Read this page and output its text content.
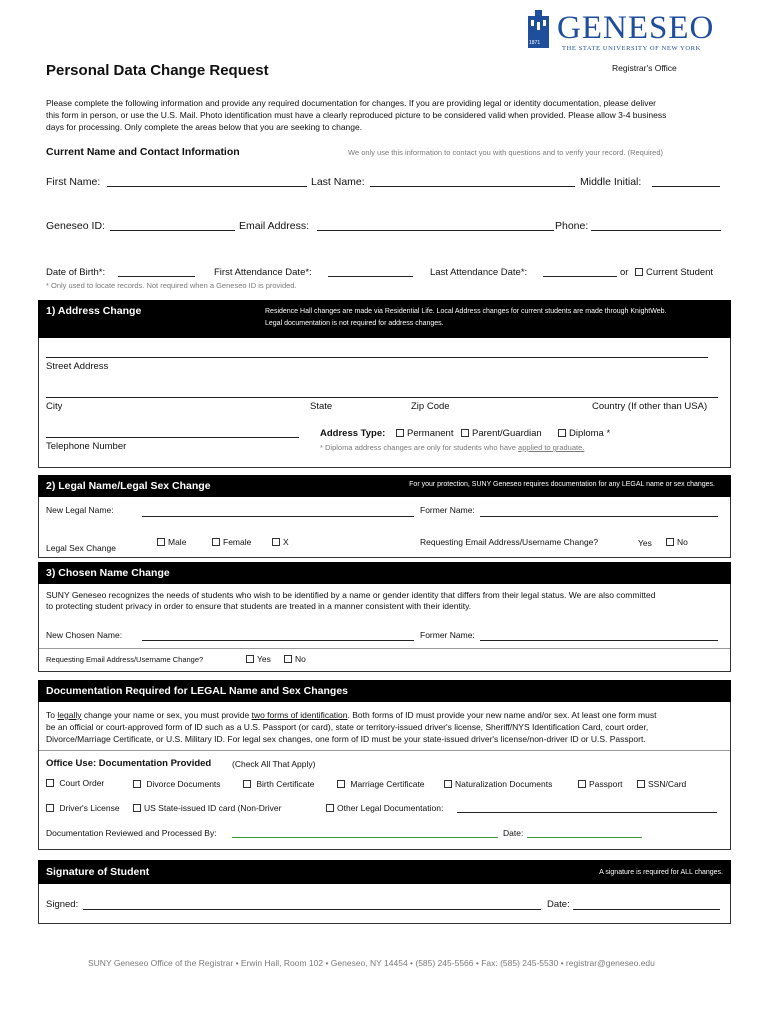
1871 GENESEO
THE STATE UNIVERSITY OF NEW YORK
Registrar's Office
Personal Data Change Request
Please complete the following information and provide any required documentation for changes. If you are providing legal or identity documentation, please deliver
this form in person, or use the U.S. Mail. Photo identification must have a clearly reproduced picture to be considered valid when provided. Please allow 3-4 business
days for processing. Only complete the areas below that you are seeking to change.
Current Name and Contact Information	We only use this information to contact you with questions and to verify your record. (Required)
First Name:	Last Name:	Middle Initial:
Geneseo ID:	Email Address:	Phone:
Date of Birth*:	First Attendance Date*:	Last Attendance Date*:	or	Current Student
* Only used to locate records. Not required when a Geneseo ID is provided.
1) Address Change	Residence Hall changes are made via Residential Life. Local Address changes for current students are made through KnightWeb.
Legal documentation is not required for address changes.
Street Address
City	State	Zip Code	Country (If other than USA)
Telephone Number
Address Type:	Permanent	Parent/Guardian	Diploma *
* Diploma address changes are only for students who have applied to graduate.
2) Legal Name/Legal Sex Change	For your protection, SUNY Geneseo requires documentation for any LEGAL name or sex changes.
New Legal Name:	Former Name:
Legal Sex Change
Male	Female	X	Requesting Email Address/Username Change?	Yes	No
3) Chosen Name Change
SUNY Geneseo recognizes the needs of students who wish to be identified by a name or gender identity that differs from their legal status. We are also committed
to protecting student privacy in order to ensure that students are treated in a manner consistent with their identity.
New Chosen Name:	Former Name:
Requesting Email Address/Username Change?	Yes	No
Documentation Required for LEGAL Name and Sex Changes
To legally change your name or sex, you must provide two forms of identification. Both forms of ID must provide your new name and/or sex. At least one form must
be an official or court-approved form of ID such as a U.S. Passport (or card), state or territory-issued driver's license, Sheriff/NYS Identification Card, court order,
Divorce/Marriage Certificate, or U.S. Military ID. For legal sex changes, one form of ID must be your state-issued driver's license/non-driver ID or U.S. Passport.
Office Use: Documentation Provided (Check All That Apply)
Court Order	Divorce Documents	Birth Certificate	Marriage Certificate	Naturalization Documents	Passport	SSN/Card
Driver's License	US State-issued ID card (Non-Driver	Other Legal Documentation:
Documentation Reviewed and Processed By:	Date:
Signature of Student	A signature is required for ALL changes.
Signed:	Date:
SUNY Geneseo Office of the Registrar • Erwin Hall, Room 102 • Geneseo, NY 14454 • (585) 245-5566 • Fax: (585) 245-5530 • registrar@geneseo.edu
